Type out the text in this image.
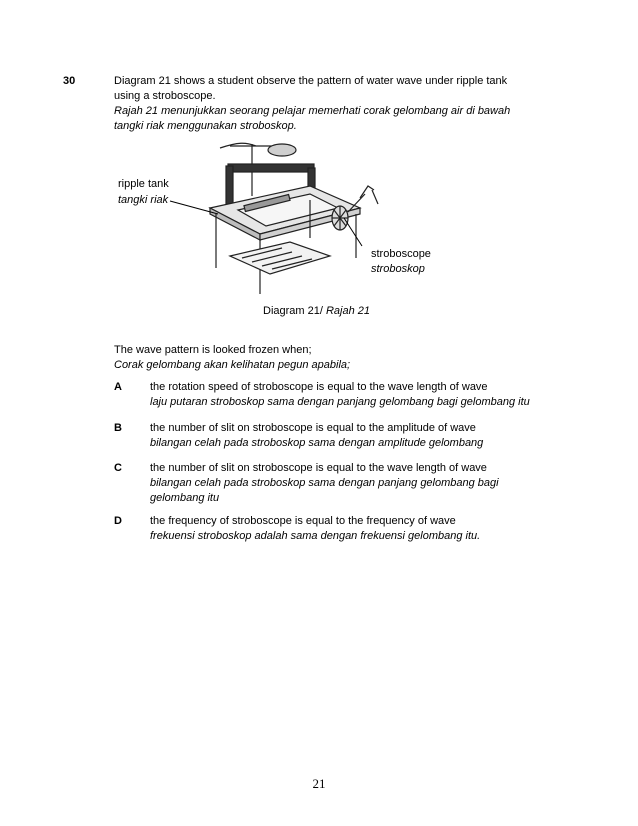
30	Diagram 21 shows a student observe the pattern of water wave under ripple tank
using a stroboscope.
Rajah 21 menunjukkan seorang pelajar memerhati corak gelombang air di bawah
tangki riak menggunakan stroboskop.
ripple tank
tangki riak
stroboscope
stroboskop
Diagram 21/ Rajah 21
The wave pattern is looked frozen when;
Corak gelombang akan kelihatan pegun apabila;
A	the rotation speed of stroboscope is equal to the wave length of wave
laju putaran stroboskop sama dengan panjang gelombang bagi gelombang itu
B	the number of slit on stroboscope is equal to the amplitude of wave
bilangan celah pada stroboskop sama dengan amplitude gelombang
C	the number of slit on stroboscope is equal to the wave length of wave
bilangan celah pada stroboskop sama dengan panjang gelombang bagi
gelombang itu
D	the frequency of stroboscope is equal to the frequency of wave
frekuensi stroboskop adalah sama dengan frekuensi gelombang itu.
21
